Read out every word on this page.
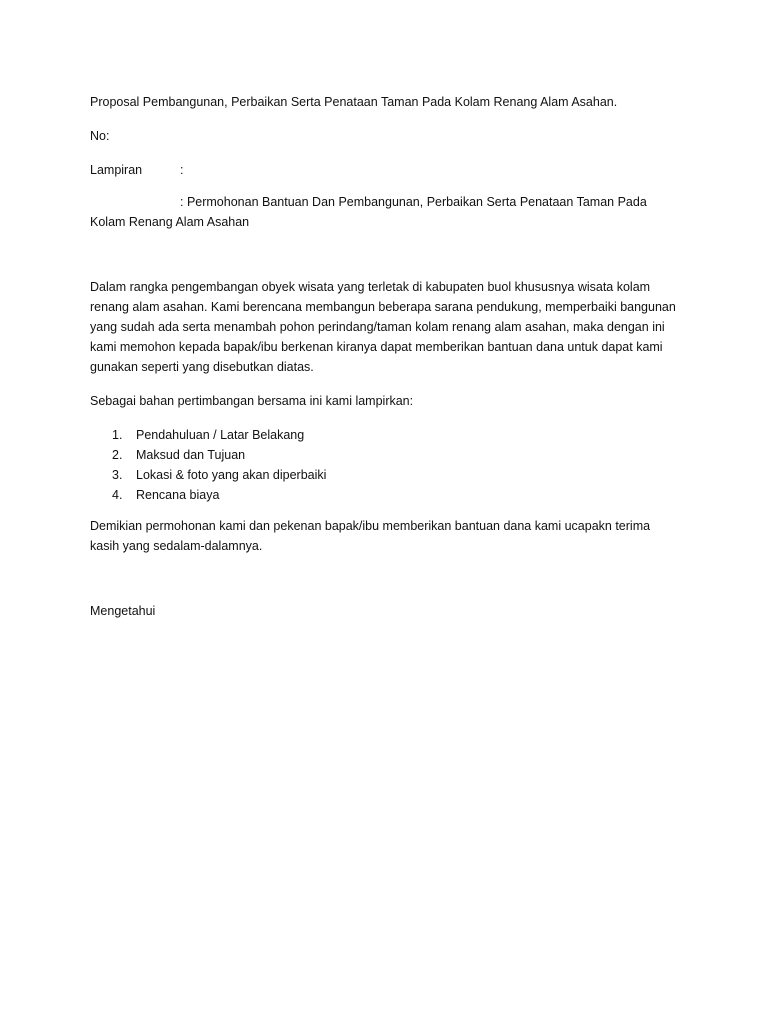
Proposal Pembangunan, Perbaikan Serta Penataan Taman Pada Kolam Renang Alam Asahan.
No:
Lampiran	:
: Permohonan Bantuan Dan Pembangunan, Perbaikan Serta Penataan Taman Pada
Kolam Renang Alam Asahan

Dalam rangka pengembangan obyek wisata yang terletak di kabupaten buol khususnya wisata kolam renang alam asahan. Kami berencana membangun beberapa sarana pendukung, memperbaiki bangunan yang sudah ada serta menambah pohon perindang/taman kolam renang alam asahan, maka dengan ini kami memohon kepada bapak/ibu berkenan kiranya dapat memberikan bantuan dana untuk dapat kami gunakan seperti yang disebutkan diatas.

Sebagai bahan pertimbangan bersama ini kami lampirkan:

1. Pendahuluan / Latar Belakang
2. Maksud dan Tujuan
3. Lokasi & foto yang akan diperbaiki
4. Rencana biaya

Demikian permohonan kami dan pekenan bapak/ibu memberikan bantuan dana kami ucapakn terima kasih yang sedalam-dalamnya.

Mengetahui
